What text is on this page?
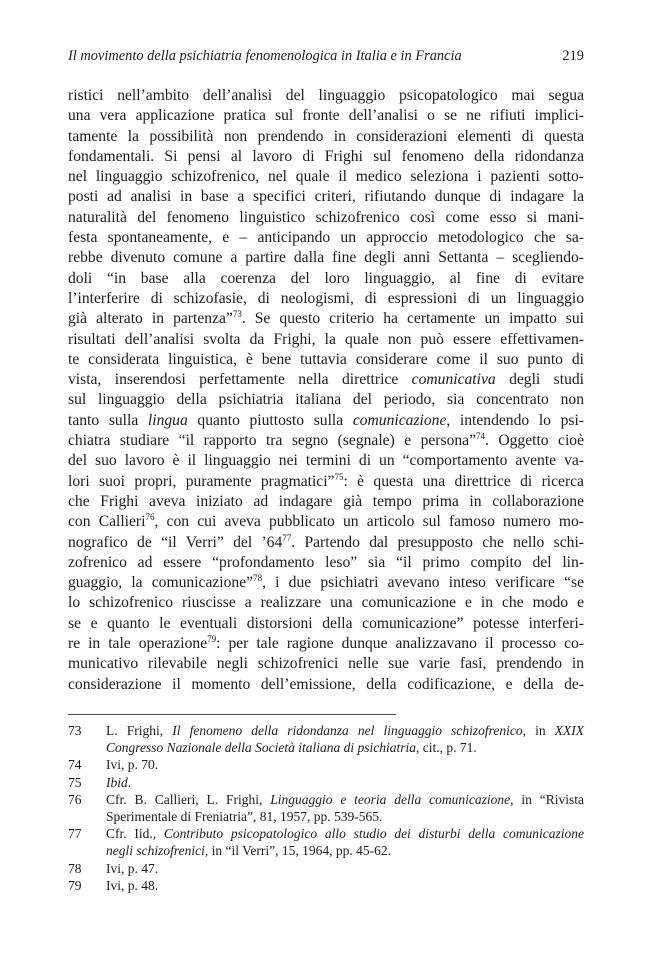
Il movimento della psichiatria fenomenologica in Italia e in Francia	219
ristici nell’ambito dell’analisi del linguaggio psicopatologico mai segua
una vera applicazione pratica sul fronte dell’analisi o se ne rifiuti implici-
tamente la possibilità non prendendo in considerazioni elementi di questa
fondamentali. Si pensi al lavoro di Frighi sul fenomeno della ridondanza
nel linguaggio schizofrenico, nel quale il medico seleziona i pazienti sotto-
posti ad analisi in base a specifici criteri, rifiutando dunque di indagare la
naturalità del fenomeno linguistico schizofrenico così come esso si mani-
festa spontaneamente, e – anticipando un approccio metodologico che sa-
rebbe divenuto comune a partire dalla fine degli anni Settanta – scegliendo-
doli “in base alla coerenza del loro linguaggio, al fine di evitare
l’interferire di schizofasie, di neologismi, di espressioni di un linguaggio
già alterato in partenza”$^{73}$. Se questo criterio ha certamente un impatto sui
risultati dell’analisi svolta da Frighi, la quale non può essere effettivamen-
te considerata linguistica, è bene tuttavia considerare come il suo punto di
vista, inserendosi perfettamente nella direttrice comunicativa degli studi
sul linguaggio della psichiatria italiana del periodo, sia concentrato non
tanto sulla lingua quanto piuttosto sulla comunicazione, intendendo lo psi-
chiatra studiare “il rapporto tra segno (segnale) e persona”$^{74}$. Oggetto cioè
del suo lavoro è il linguaggio nei termini di un “comportamento avente va-
lori suoi propri, puramente pragmatici”$^{75}$: è questa una direttrice di ricerca
che Frighi aveva iniziato ad indagare già tempo prima in collaborazione
con Callieri$^{76}$, con cui aveva pubblicato un articolo sul famoso numero mo-
nografico de “il Verri” del $’64^{77}$. Partendo dal presupposto che nello schi-
zofrenico ad essere “profondamento leso” sia “il primo compito del lin-
guaggio, la comunicazione”$^{78}$, i due psichiatri avevano inteso verificare “se
lo schizofrenico riuscisse a realizzare una comunicazione e in che modo e
se e quanto le eventuali distorsioni della comunicazione” potesse interferi-
re in tale operazione$^{79}$: per tale ragione dunque analizzavano il processo co-
municativo rilevabile negli schizofrenici nelle sue varie fasi, prendendo in
considerazione il momento dell’emissione, della codificazione, e della de-
73	L. Frighi, Il fenomeno della ridondanza nel linguaggio schizofrenico, in XXIX
Congresso Nazionale della Società italiana di psichiatria, cit., p. 71.
74	Ivi, p. 70.
75	Ibid.
76	Cfr. B. Callieri, L. Frighi, Linguaggio e teoria della comunicazione, in “Rivista
Sperimentale di Freniatria”, 81, 1957, pp. 539-565.
77	Cfr. Iid., Contributo psicopatologico allo studio dei disturbi della comunicazione
negli schizofrenici, in “il Verri”, 15, 1964, pp. 45-62.
78	Ivi, p. 47.
79	Ivi, p. 48.
